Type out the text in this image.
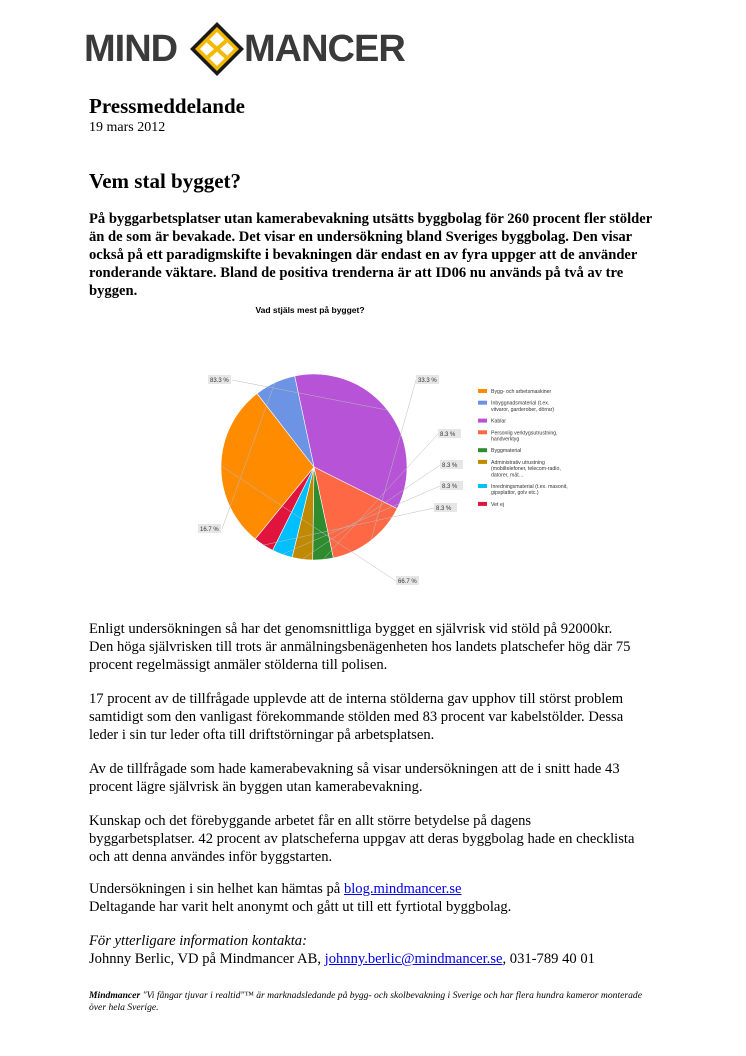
MIND MANCER
Pressmeddelande
19 mars 2012
Vem stal bygget?
På byggarbetsplatser utan kamerabevakning utsätts byggbolag för 260 procent fler stölder än de som är bevakade. Det visar en undersökning bland Sveriges byggbolag. Den visar också på ett paradigmskifte i bevakningen där endast en av fyra uppger att de använder ronderande väktare. Bland de positiva trenderna är att ID06 nu används på två av tre byggen.
Vad stjäls mest på bygget?
83.3 %	33.3 %
8.3 %
8.3 %
8.3 %
8.3 %
66.7 %
16.7 %
Bygg- och arbetsmaskiner
Inbyggnadsmaterial (t.ex. vitvaror, garderober, dörrar)
Kablar
Personlig verktygsutrustning, handverktyg
Byggmaterial
Administrativ utrustning (mobiltelefoner, telecom-radio, datorer, mät…
Inredningsmaterial (t.ex. masonit, gipsplattor, golv etc.)
Vet ej

Enligt undersökningen så har det genomsnittliga bygget en självrisk vid stöld på 92000kr.

Den höga självrisken till trots är anmälningsbenägenheten hos landets platschefer hög där 75

procent regelmässigt anmäler stölderna till polisen.

17 procent av de tillfrågade upplevde att de interna stölderna gav upphov till störst problem

samtidigt som den vanligast förekommande stölden med 83 procent var kabelstölder. Dessa

leder i sin tur leder ofta till driftstörningar på arbetsplatsen.

Av de tillfrågade som hade kamerabevakning så visar undersökningen att de i snitt hade 43

procent lägre självrisk än byggen utan kamerabevakning.

Kunskap och det förebyggande arbetet får en allt större betydelse på dagens

byggarbetsplatser. 42 procent av platscheferna uppgav att deras byggbolag hade en checklista

och att denna användes inför byggstarten.

Undersökningen i sin helhet kan hämtas på blog.mindmancer.se

Deltagande har varit helt anonymt och gått ut till ett fyrtiotal byggbolag.

För ytterligare information kontakta:

Johnny Berlic, VD på Mindmancer AB, johnny.berlic@mindmancer.se, 031-789 40 01

Mindmancer "Vi fångar tjuvar i realtid"™ är marknadsledande på bygg- och skolbevakning i Sverige och har flera hundra kameror monterade över hela Sverige.
